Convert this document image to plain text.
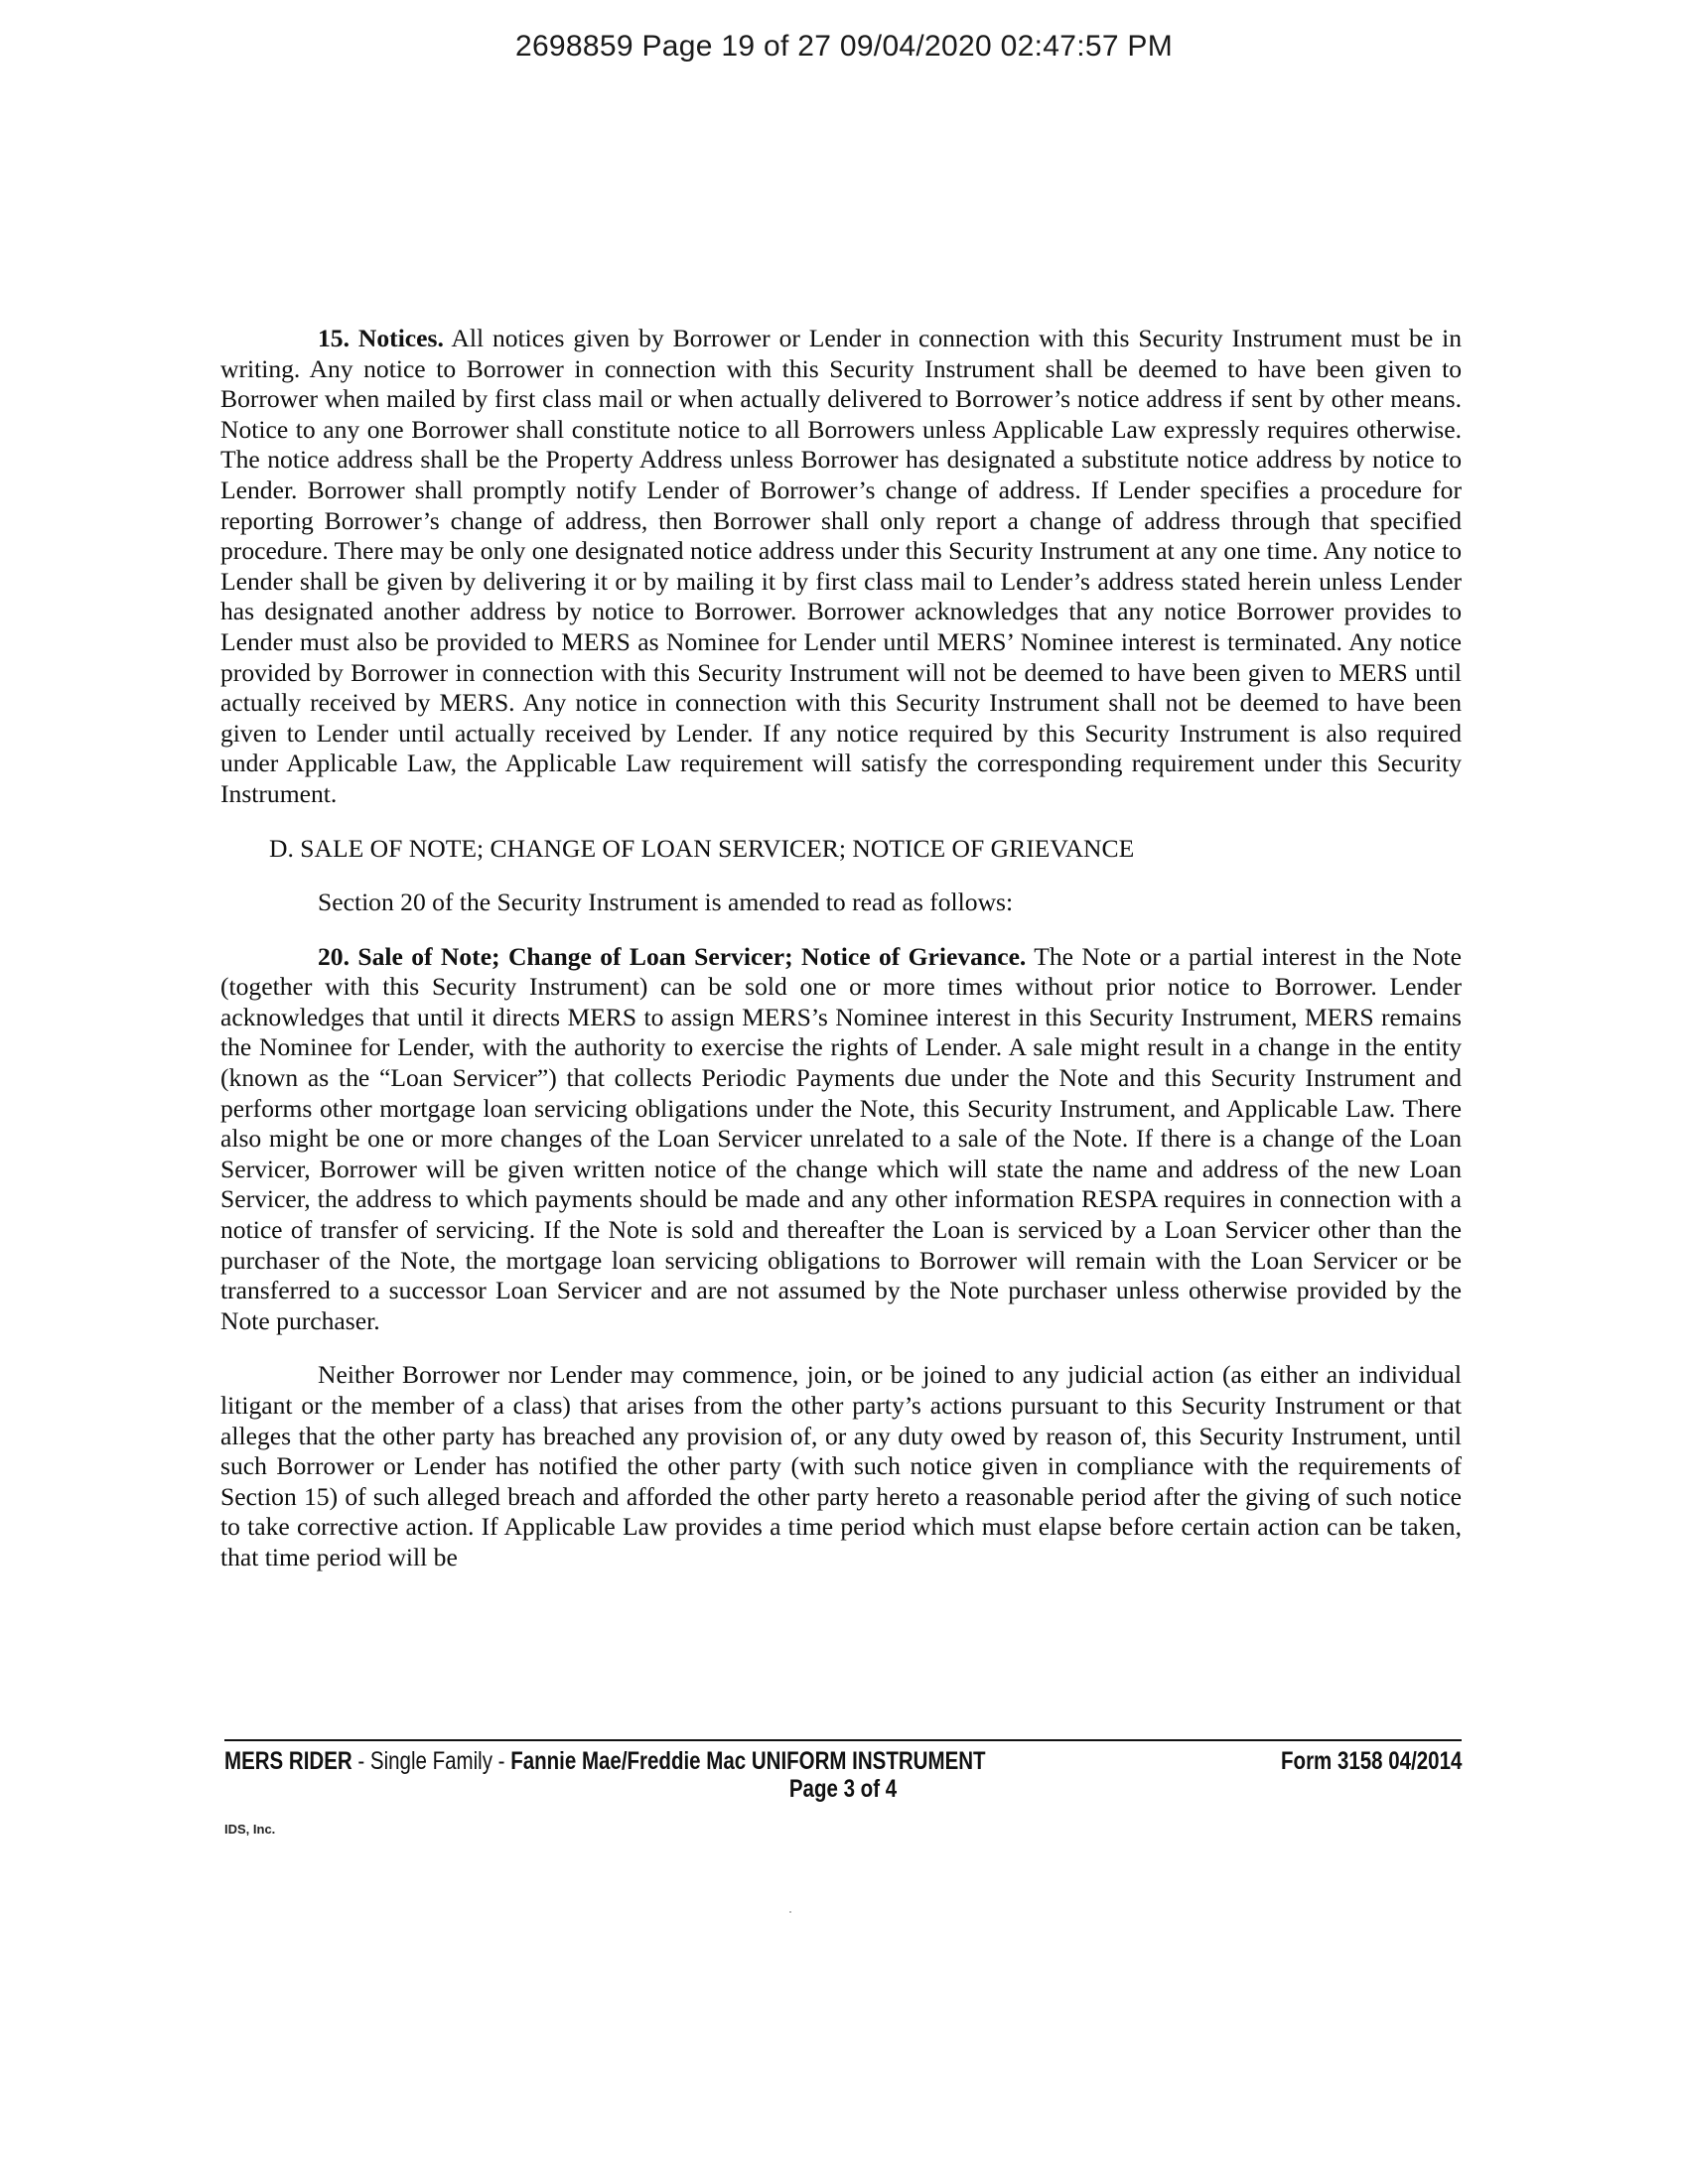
2698859 Page 19 of 27 09/04/2020 02:47:57 PM

15. Notices. All notices given by Borrower or Lender in connection with this Security Instrument must be in writing. Any notice to Borrower in connection with this Security Instrument shall be deemed to have been given to Borrower when mailed by first class mail or when actually delivered to Borrower’s notice address if sent by other means. Notice to any one Borrower shall constitute notice to all Borrowers unless Applicable Law expressly requires otherwise. The notice address shall be the Property Address unless Borrower has designated a substitute notice address by notice to Lender. Borrower shall promptly notify Lender of Borrower’s change of address. If Lender specifies a procedure for reporting Borrower’s change of address, then Borrower shall only report a change of address through that specified procedure. There may be only one designated notice address under this Security Instrument at any one time. Any notice to Lender shall be given by delivering it or by mailing it by first class mail to Lender’s address stated herein unless Lender has designated another address by notice to Borrower. Borrower acknowledges that any notice Borrower provides to Lender must also be provided to MERS as Nominee for Lender until MERS’ Nominee interest is terminated. Any notice provided by Borrower in connection with this Security Instrument will not be deemed to have been given to MERS until actually received by MERS. Any notice in connection with this Security Instrument shall not be deemed to have been given to Lender until actually received by Lender. If any notice required by this Security Instrument is also required under Applicable Law, the Applicable Law requirement will satisfy the corresponding requirement under this Security Instrument.

D. SALE OF NOTE; CHANGE OF LOAN SERVICER; NOTICE OF GRIEVANCE

Section 20 of the Security Instrument is amended to read as follows:

20. Sale of Note; Change of Loan Servicer; Notice of Grievance. The Note or a partial interest in the Note (together with this Security Instrument) can be sold one or more times without prior notice to Borrower. Lender acknowledges that until it directs MERS to assign MERS’s Nominee interest in this Security Instrument, MERS remains the Nominee for Lender, with the authority to exercise the rights of Lender. A sale might result in a change in the entity (known as the “Loan Servicer”) that collects Periodic Payments due under the Note and this Security Instrument and performs other mortgage loan servicing obligations under the Note, this Security Instrument, and Applicable Law. There also might be one or more changes of the Loan Servicer unrelated to a sale of the Note. If there is a change of the Loan Servicer, Borrower will be given written notice of the change which will state the name and address of the new Loan Servicer, the address to which payments should be made and any other information RESPA requires in connection with a notice of transfer of servicing. If the Note is sold and thereafter the Loan is serviced by a Loan Servicer other than the purchaser of the Note, the mortgage loan servicing obligations to Borrower will remain with the Loan Servicer or be transferred to a successor Loan Servicer and are not assumed by the Note purchaser unless otherwise provided by the Note purchaser.

Neither Borrower nor Lender may commence, join, or be joined to any judicial action (as either an individual litigant or the member of a class) that arises from the other party’s actions pursuant to this Security Instrument or that alleges that the other party has breached any provision of, or any duty owed by reason of, this Security Instrument, until such Borrower or Lender has notified the other party (with such notice given in compliance with the requirements of Section 15) of such alleged breach and afforded the other party hereto a reasonable period after the giving of such notice to take corrective action. If Applicable Law provides a time period which must elapse before certain action can be taken, that time period will be

MERS RIDER - Single Family - Fannie Mae/Freddie Mac UNIFORM INSTRUMENT	Form 3158 04/2014
Page 3 of 4
IDS, Inc.
